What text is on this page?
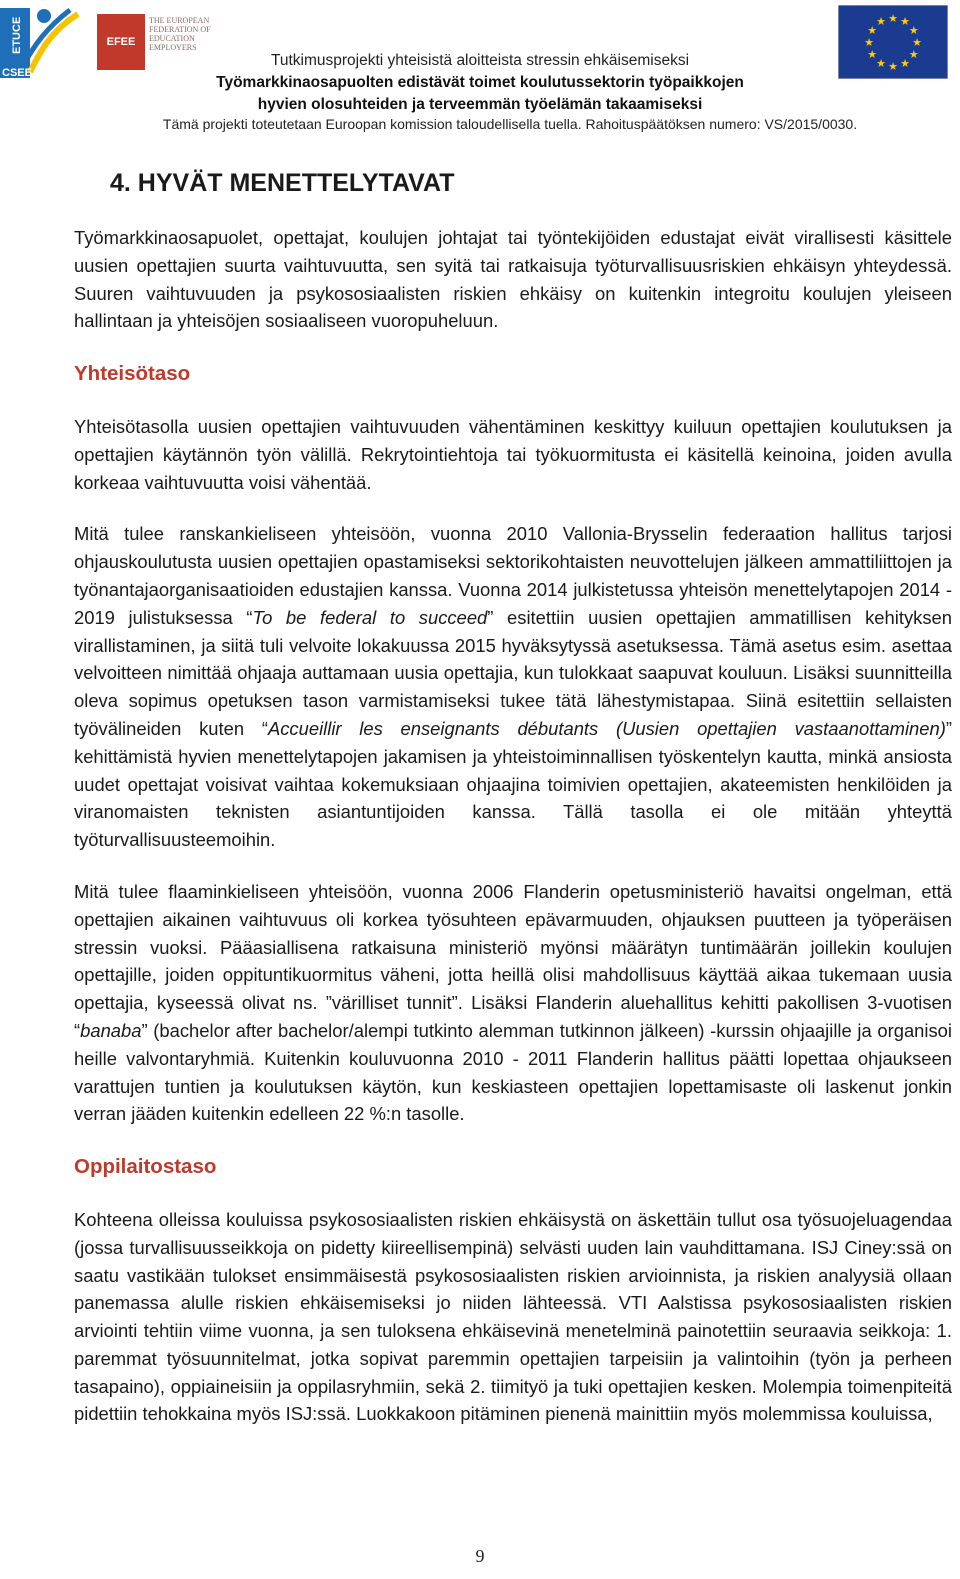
ETUCE
CSEE
EFEE
THE EUROPEAN
FEDERATION OF
EDUCATION
EMPLOYERS
★ ★
★
★
★
★
★
★
★
★
★
★
Tutkimusprojekti yhteisistä aloitteista stressin ehkäisemiseksi
Työmarkkinaosapuolten edistävät toimet koulutussektorin työpaikkojen
hyvien olosuhteiden ja terveemmän työelämän takaamiseksi
Tämä projekti toteutetaan Euroopan komission taloudellisella tuella. Rahoituspäätöksen numero: VS/2015/0030.
4. HYVÄT MENETTELYTAVAT

Työmarkkinaosapuolet, opettajat, koulujen johtajat tai työntekijöiden edustajat eivät virallisesti käsittele uusien opettajien suurta vaihtuvuutta, sen syitä tai ratkaisuja työturvallisuusriskien ehkäisyn yhteydessä. Suuren vaihtuvuuden ja psykososiaalisten riskien ehkäisy on kuitenkin integroitu koulujen yleiseen hallintaan ja yhteisöjen sosiaaliseen vuoropuheluun.

Yhteisötaso

Yhteisötasolla uusien opettajien vaihtuvuuden vähentäminen keskittyy kuiluun opettajien koulutuksen ja opettajien käytännön työn välillä. Rekrytointiehtoja tai työkuormitusta ei käsitellä keinoina, joiden avulla korkeaa vaihtuvuutta voisi vähentää.

Mitä tulee ranskankieliseen yhteisöön, vuonna 2010 Vallonia-Brysselin federaation hallitus tarjosi ohjauskoulutusta uusien opettajien opastamiseksi sektorikohtaisten neuvottelujen jälkeen ammattiliittojen ja työnantajaorganisaatioiden edustajien kanssa. Vuonna 2014 julkistetussa yhteisön menettelytapojen 2014 - 2019 julistuksessa “To be federal to succeed” esitettiin uusien opettajien ammatillisen kehityksen virallistaminen, ja siitä tuli velvoite lokakuussa 2015 hyväksytyssä asetuksessa. Tämä asetus esim. asettaa velvoitteen nimittää ohjaaja auttamaan uusia opettajia, kun tulokkaat saapuvat kouluun. Lisäksi suunnitteilla oleva sopimus opetuksen tason varmistamiseksi tukee tätä lähestymistapaa. Siinä esitettiin sellaisten työvälineiden kuten “Accueillir les enseignants débutants (Uusien opettajien vastaanottaminen)” kehittämistä hyvien menettelytapojen jakamisen ja yhteistoiminnallisen työskentelyn kautta, minkä ansiosta uudet opettajat voisivat vaihtaa kokemuksiaan ohjaajina toimivien opettajien, akateemisten henkilöiden ja viranomaisten teknisten asiantuntijoiden kanssa. Tällä tasolla ei ole mitään yhteyttä työturvallisuusteemoihin.

Mitä tulee flaaminkieliseen yhteisöön, vuonna 2006 Flanderin opetusministeriö havaitsi ongelman, että opettajien aikainen vaihtuvuus oli korkea työsuhteen epävarmuuden, ohjauksen puutteen ja työperäisen stressin vuoksi. Pääasiallisena ratkaisuna ministeriö myönsi määrätyn tuntimäärän joillekin koulujen opettajille, joiden oppituntikuormitus väheni, jotta heillä olisi mahdollisuus käyttää aikaa tukemaan uusia opettajia, kyseessä olivat ns. ”värilliset tunnit”. Lisäksi Flanderin aluehallitus kehitti pakollisen 3-vuotisen “banaba” (bachelor after bachelor/alempi tutkinto alemman tutkinnon jälkeen) -kurssin ohjaajille ja organisoi heille valvontaryhmiä. Kuitenkin kouluvuonna 2010 - 2011 Flanderin hallitus päätti lopettaa ohjaukseen varattujen tuntien ja koulutuksen käytön, kun keskiasteen opettajien lopettamisaste oli laskenut jonkin verran jääden kuitenkin edelleen 22 %:n tasolle.

Oppilaitostaso

Kohteena olleissa kouluissa psykososiaalisten riskien ehkäisystä on äskettäin tullut osa työsuojeluagendaa (jossa turvallisuusseikkoja on pidetty kiireellisempinä) selvästi uuden lain vauhdittamana. ISJ Ciney:ssä on saatu vastikään tulokset ensimmäisestä psykososiaalisten riskien arvioinnista, ja riskien analyysiä ollaan panemassa alulle riskien ehkäisemiseksi jo niiden lähteessä. VTI Aalstissa psykososiaalisten riskien arviointi tehtiin viime vuonna, ja sen tuloksena ehkäisevinä menetelminä painotettiin seuraavia seikkoja: 1. paremmat työsuunnitelmat, jotka sopivat paremmin opettajien tarpeisiin ja valintoihin (työn ja perheen tasapaino), oppiaineisiin ja oppilasryhmiin, sekä 2. tiimityö ja tuki opettajien kesken. Molempia toimenpiteitä pidettiin tehokkaina myös ISJ:ssä. Luokkakoon pitäminen pienenä mainittiin myös molemmissa kouluissa,

9
